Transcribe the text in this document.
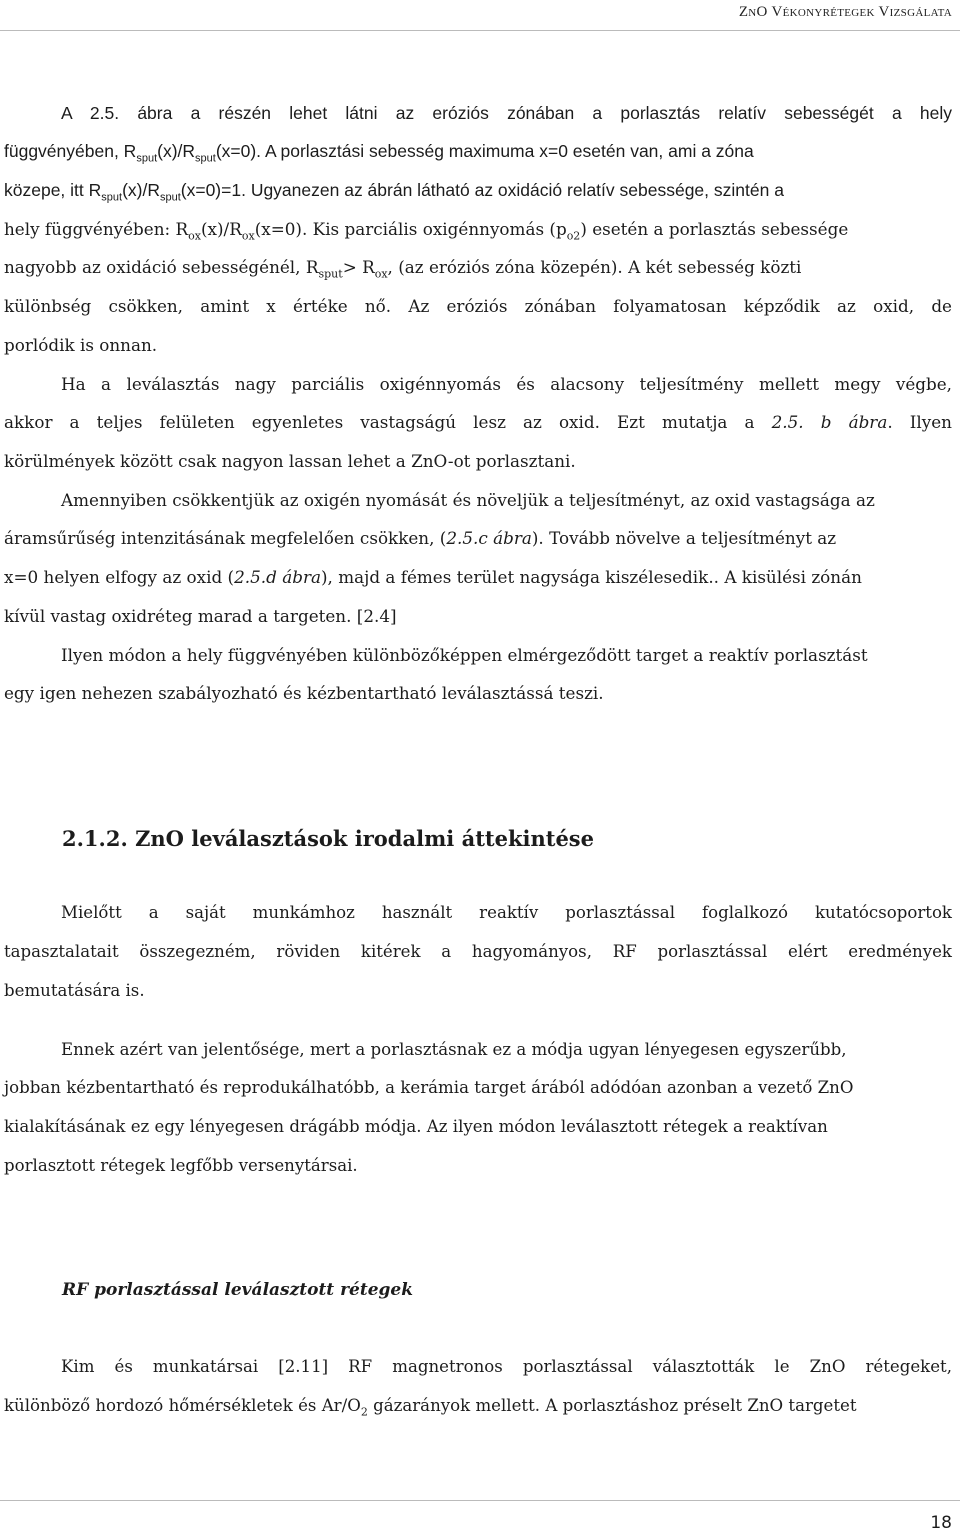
ZnO Vékonyrétegek Vizsgálata
A 2.5. ábra a részén lehet látni az eróziós zónában a porlasztás relatív sebességét a hely
függvényében, $R_{sput}(x)/R_{sput}(x=0)$. A porlasztási sebesség maximuma x=0 esetén van, ami a zóna
közepe, itt $R_{sput}(x)/R_{sput}(x=0)=1$. Ugyanezen az ábrán látható az oxidáció relatív sebessége, szintén a
hely függvényében: $R_{ox}(x)/R_{ox}(x=0)$. Kis parciális oxigénnyomás $(p_{o2})$ esetén a porlasztás sebessége
nagyobb az oxidáció sebességénél, $R_{sput}> R_{ox}$, (az eróziós zóna közepén). A két sebesség közti
különbség csökken, amint x értéke nő. Az eróziós zónában folyamatosan képződik az oxid, de
porlódik is onnan.
Ha a leválasztás nagy parciális oxigénnyomás és alacsony teljesítmény mellett megy végbe,
akkor a teljes felületen egyenletes vastagságú lesz az oxid. Ezt mutatja a 2.5. b ábra. Ilyen
körülmények között csak nagyon lassan lehet a ZnO-ot porlasztani.
Amennyiben csökkentjük az oxigén nyomását és növeljük a teljesítményt, az oxid vastagsága az
áramsűrűség intenzitásának megfelelően csökken, (2.5.c ábra). Tovább növelve a teljesítményt az
x=0 helyen elfogy az oxid (2.5.d ábra), majd a fémes terület nagysága kiszélesedik.. A kisülési zónán
kívül vastag oxidréteg marad a targeten. [2.4]
Ilyen módon a hely függvényében különbözőképpen elmérgeződött target a reaktív porlasztást
egy igen nehezen szabályozható és kézbentartható leválasztássá teszi.
2.1.2. ZnO leválasztások irodalmi áttekintése
Mielőtt a saját munkámhoz használt reaktív porlasztással foglalkozó kutatócsoportok
tapasztalatait összegezném, röviden kitérek a hagyományos, RF porlasztással elért eredmények
bemutatására is.
Ennek azért van jelentősége, mert a porlasztásnak ez a módja ugyan lényegesen egyszerűbb,
jobban kézbentartható és reprodukálhatóbb, a kerámia target árából adódóan azonban a vezető ZnO
kialakításának ez egy lényegesen drágább módja. Az ilyen módon leválasztott rétegek a reaktívan
porlasztott rétegek legfőbb versenytársai.
RF porlasztással leválasztott rétegek
Kim és munkatársai [2.11] RF magnetronos porlasztással választották le ZnO rétegeket,
különböző hordozó hőmérsékletek és $Ar/O_2$ gázarányok mellett. A porlasztáshoz préselt ZnO targetet
18
